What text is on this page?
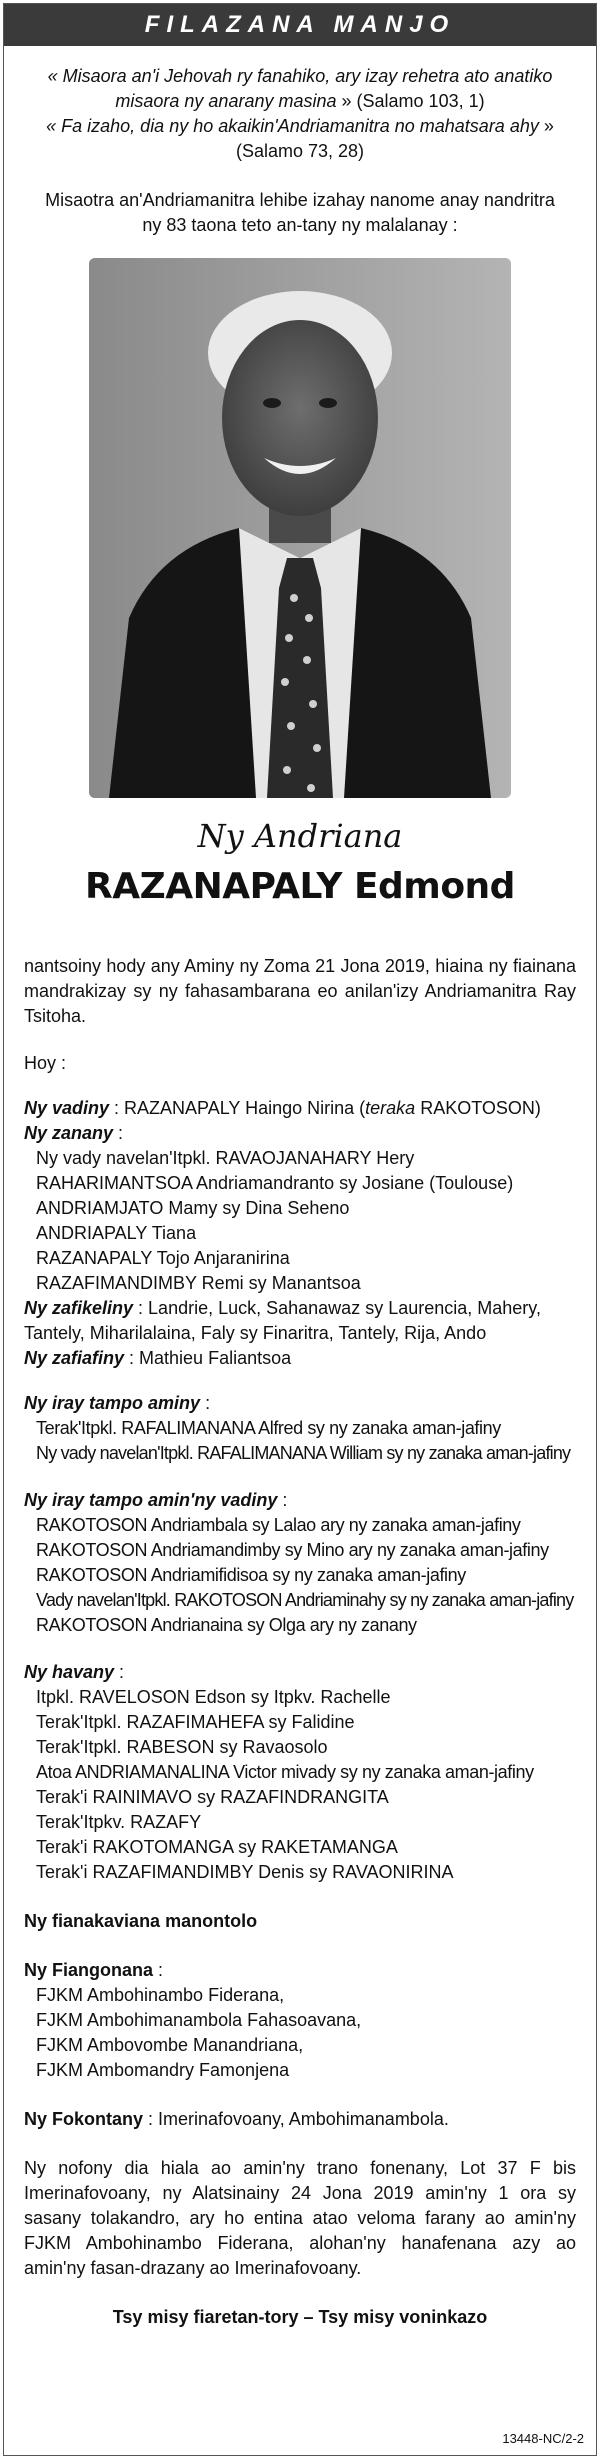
FILAZANA MANJO
« Misaora an'i Jehovah ry fanahiko, ary izay rehetra ato anatiko
misaora ny anarany masina » (Salamo 103, 1)
« Fa izaho, dia ny ho akaikin'Andriamanitra no mahatsara ahy »
(Salamo 73, 28)
Misaotra an'Andriamanitra lehibe izahay nanome anay nandritra ny 83 taona teto an-tany ny malalanay :
Ny Andriana
RAZANAPALY Edmond
nantsoiny hody any Aminy ny Zoma 21 Jona 2019, hiaina ny fiainana mandrakizay sy ny fahasambarana eo anilan'izy Andriamanitra Ray Tsitoha.
Hoy :
Ny vadiny : RAZANAPALY Haingo Nirina (teraka RAKOTOSON)
Ny zanany :
Ny vady navelan'Itpkl. RAVAOJANAHARY Hery
RAHARIMANTSOA Andriamandranto sy Josiane (Toulouse)
ANDRIAMJATO Mamy sy Dina Seheno
ANDRIAPALY Tiana
RAZANAPALY Tojo Anjaranirina
RAZAFIMANDIMBY Remi sy Manantsoa
Ny zafikeliny : Landrie, Luck, Sahanawaz sy Laurencia, Mahery, Tantely, Miharilalaina, Faly sy Finaritra, Tantely, Rija, Ando
Ny zafiafiny : Mathieu Faliantsoa
Ny iray tampo aminy :
Terak'Itpkl. RAFALIMANANA Alfred sy ny zanaka aman-jafiny
Ny vady navelan'Itpkl. RAFALIMANANA William sy ny zanaka aman-jafiny
Ny iray tampo amin'ny vadiny :
RAKOTOSON Andriambala sy Lalao ary ny zanaka aman-jafiny
RAKOTOSON Andriamandimby sy Mino ary ny zanaka aman-jafiny
RAKOTOSON Andriamifidisoa sy ny zanaka aman-jafiny
Vady navelan'Itpkl. RAKOTOSON Andriaminahy sy ny zanaka aman-jafiny
RAKOTOSON Andrianaina sy Olga ary ny zanany
Ny havany :
Itpkl. RAVELOSON Edson sy Itpkv. Rachelle
Terak'Itpkl. RAZAFIMAHEFA sy Falidine
Terak'Itpkl. RABESON sy Ravaosolo
Atoa ANDRIAMANALINA Victor mivady sy ny zanaka aman-jafiny
Terak'i RAINIMAVO sy RAZAFINDRANGITA
Terak'Itpkv. RAZAFY
Terak'i RAKOTOMANGA sy RAKETAMANGA
Terak'i RAZAFIMANDIMBY Denis sy RAVAONIRINA
Ny fianakaviana manontolo
Ny Fiangonana :
FJKM Ambohinambo Fiderana,
FJKM Ambohimanambola Fahasoavana,
FJKM Ambovombe Manandriana,
FJKM Ambomandry Famonjena
Ny Fokontany : Imerinafovoany, Ambohimanambola.
Ny nofony dia hiala ao amin'ny trano fonenany, Lot 37 F bis Imerinafovoany, ny Alatsinainy 24 Jona 2019 amin'ny 1 ora sy sasany tolakandro, ary ho entina atao veloma farany ao amin'ny FJKM Ambohinambo Fiderana, alohan'ny hanafenana azy ao amin'ny fasan-drazany ao Imerinafovoany.
Tsy misy fiaretan-tory – Tsy misy voninkazo
13448-NC/2-2
